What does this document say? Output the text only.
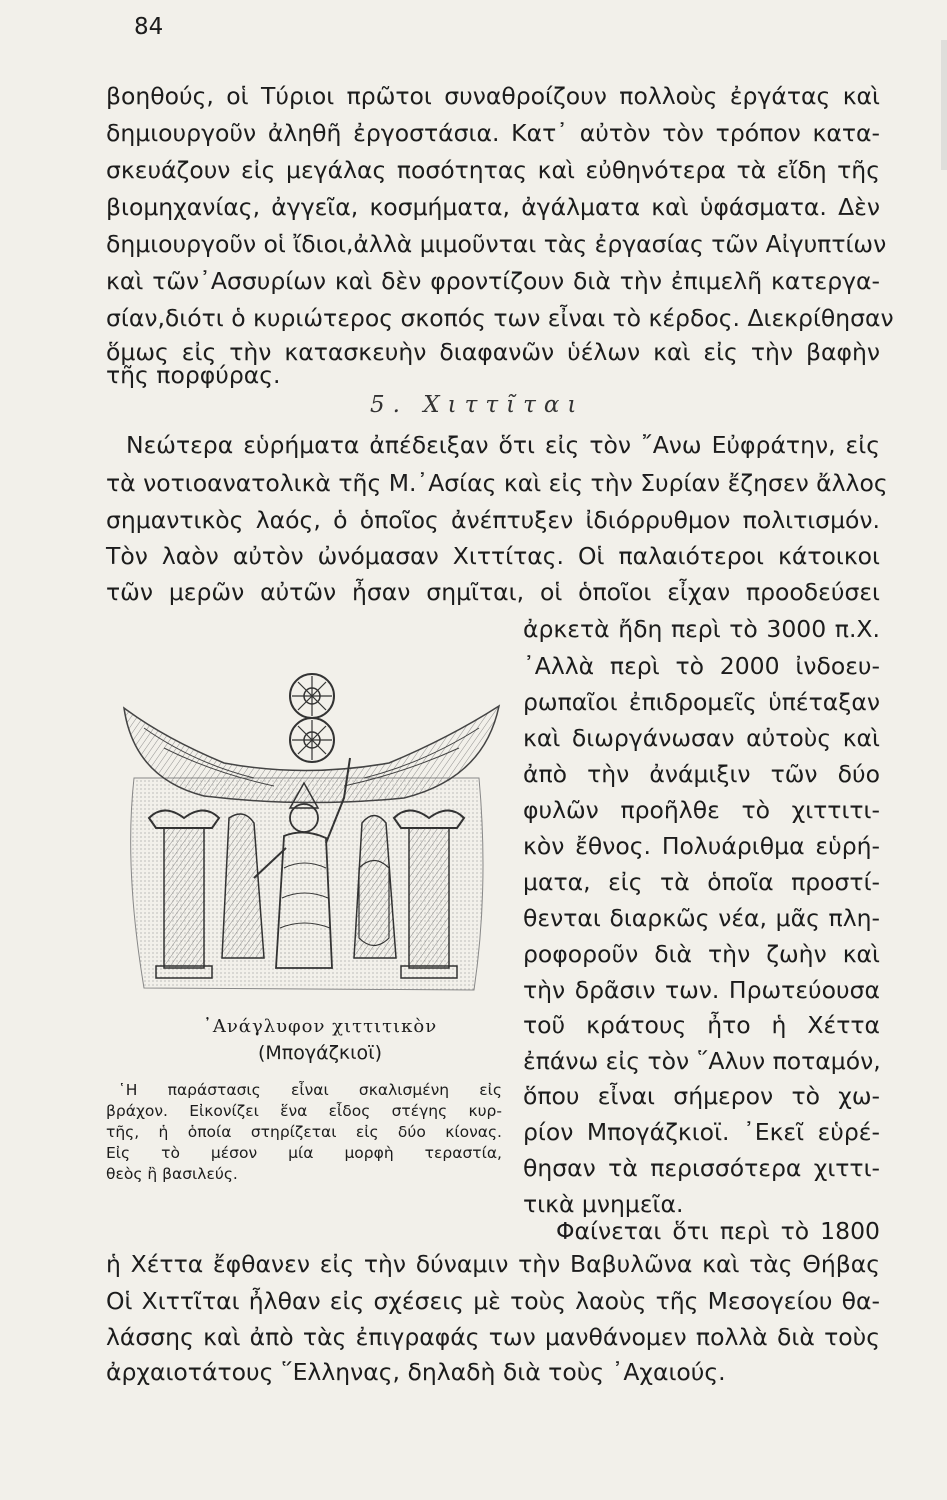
84
βοηθούς, οἱ Τύριοι πρῶτοι συναθροίζουν πολλοὺς ἐργάτας καὶ
δημιουργοῦν ἀληθῆ ἐργοστάσια. Κατ᾽ αὐτὸν τὸν τρόπον κατα-
σκευάζουν εἰς μεγάλας ποσότητας καὶ εὐθηνότερα τὰ εἴδη τῆς
βιομηχανίας, ἀγγεῖα, κοσμήματα, ἀγάλματα καὶ ὑφάσματα. Δὲν
δημιουργοῦν οἱ ἴδιοι,ἀλλὰ μιμοῦνται τὰς ἐργασίας τῶν Αἰγυπτίων
καὶ τῶν᾽Ασσυρίων καὶ δὲν φροντίζουν διὰ τὴν ἐπιμελῆ κατεργα-
σίαν,διότι ὁ κυριώτερος σκοπός των εἶναι τὸ κέρδος. Διεκρίθησαν
ὅμως εἰς τὴν κατασκευὴν διαφανῶν ὑέλων καὶ εἰς τὴν βαφὴν
τῆς πορφύρας.
5. Χιττῖται
Νεώτερα εὑρήματα ἀπέδειξαν ὅτι εἰς τὸν ῎Ανω Εὐφράτην, εἰς
τὰ νοτιοανατολικὰ τῆς Μ.᾽Ασίας καὶ εἰς τὴν Συρίαν ἔζησεν ἄλλος
σημαντικὸς λαός, ὁ ὁποῖος ἀνέπτυξεν ἰδιόρρυθμον πολιτισμόν.
Τὸν λαὸν αὐτὸν ὠνόμασαν Χιττίτας. Οἱ παλαιότεροι κάτοικοι
τῶν μερῶν αὐτῶν ἦσαν σημῖται, οἱ ὁποῖοι εἶχαν προοδεύσει
ἀρκετὰ ἤδη περὶ τὸ 3000 π.Χ.
᾽Αλλὰ περὶ τὸ 2000 ἰνδοευ-
ρωπαῖοι ἐπιδρομεῖς ὑπέταξαν
καὶ διωργάνωσαν αὐτοὺς καὶ
ἀπὸ τὴν ἀνάμιξιν τῶν δύο
φυλῶν προῆλθε τὸ χιττιτι-
κὸν ἔθνος. Πολυάριθμα εὑρή-
ματα, εἰς τὰ ὁποῖα προστί-
θενται διαρκῶς νέα, μᾶς πλη-
ροφοροῦν διὰ τὴν ζωὴν καὶ
τὴν δρᾶσιν των. Πρωτεύουσα
τοῦ κράτους ἦτο ἡ Χέττα
ἐπάνω εἰς τὸν ῞Αλυν ποταμόν,
ὅπου εἶναι σήμερον τὸ χω-
ρίον Μπογάζκιοϊ. ᾽Εκεῖ εὑρέ-
θησαν τὰ περισσότερα χιττι-
τικὰ μνημεῖα.
᾽Ανάγλυφον χιττιτικὸν
(Μπογάζκιοϊ)
῾Η παράστασις εἶναι σκαλισμένη εἰς
βράχον. Εἰκονίζει ἕνα εἶδος στέγης κυρ-
τῆς, ἡ ὁποία στηρίζεται εἰς δύο κίονας.
Εἰς τὸ μέσον μία μορφὴ τεραστία,
θεὸς ἢ βασιλεύς.
Φαίνεται ὅτι περὶ τὸ 1800
ἡ Χέττα ἔφθανεν εἰς τὴν δύναμιν τὴν Βαβυλῶνα καὶ τὰς Θήβας
Οἱ Χιττῖται ἦλθαν εἰς σχέσεις μὲ τοὺς λαοὺς τῆς Μεσογείου θα-
λάσσης καὶ ἀπὸ τὰς ἐπιγραφάς των μανθάνομεν πολλὰ διὰ τοὺς
ἀρχαιοτάτους ῞Ελληνας, δηλαδὴ διὰ τοὺς ᾽Αχαιούς.
